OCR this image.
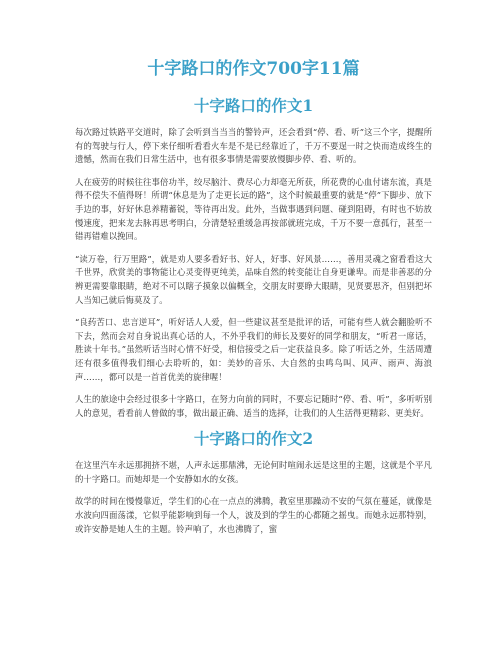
十字路口的作文700字11篇
十字路口的作文1

每次路过铁路平交道时，除了会听到当当当的警铃声，还会看到“停、看、听”这三个字，提醒所有的驾驶与行人，停下来仔细听看看火车是不是已经靠近了，千万不要逞一时之快而造成终生的遗憾，然而在我们日常生活中，也有很多事情是需要放慢脚步停、看、听的。

人在疲劳的时候往往事倍功半，绞尽脑汁、费尽心力却毫无所获，所花费的心血付诸东流，真是得不偿失不值得呀！所谓“休息是为了走更长远的路”，这个时候最重要的就是“停”下脚步、放下手边的事，好好休息养精蓄锐，等待再出发。此外，当做事遇到问题、碰到阻碍，有时也不妨放慢速度，把来龙去脉再思考明白，分清楚轻重缓急再按部就班完成，千万不要一意孤行，甚至一错再错难以挽回。

“读万卷，行万里路”，就是劝人要多看好书、好人，好事、好风景……，善用灵魂之窗看看这大千世界，欣赏美的事物能让心灵变得更纯美，品味自然的转变能让自身更谦卑。而是非善恶的分辨更需要靠眼睛，绝对不可以瞎子摸象以偏概全，交朋友时要睁大眼睛，见贤要思齐，但别把坏人当知己就后悔莫及了。

“良药苦口、忠言逆耳”，听好话人人爱，但一些建议甚至是批评的话，可能有些人就会翻脸听不下去，然而会对自身说出真心话的人，不外乎我们的师长及要好的同学和朋友，“听君一席话，胜读十年书。”虽然听话当时心情不好受，相信接受之后一定获益良多。除了听话之外，生活周遭还有很多值得我们细心去聆听的，如：美妙的音乐、大自然的虫鸣鸟叫、风声、雨声、海浪声……，都可以是一首首优美的旋律喔！

人生的旅途中会经过很多十字路口，在努力向前的同时，不要忘记随时“停、看、听”，多听听别人的意见，看看前人曾做的事，做出最正确、适当的选择，让我们的人生活得更精彩、更美好。

十字路口的作文2

在这里汽车永远那拥挤不堪，人声永远那鼎沸，无论何时喧闹永远是这里的主题，这就是个平凡的十字路口。而她却是一个安静如水的女孩。

故学的时间在慢慢靠近，学生们的心在一点点的沸腾，教室里那躁动不安的气氛在蔓延，就像是水波向四面荡漾，它似乎能影响到每一个人，波及到的学生的心都随之摇曳。而她永远那特别，或许安静是她人生的主题。铃声响了，水也沸腾了，蜜
